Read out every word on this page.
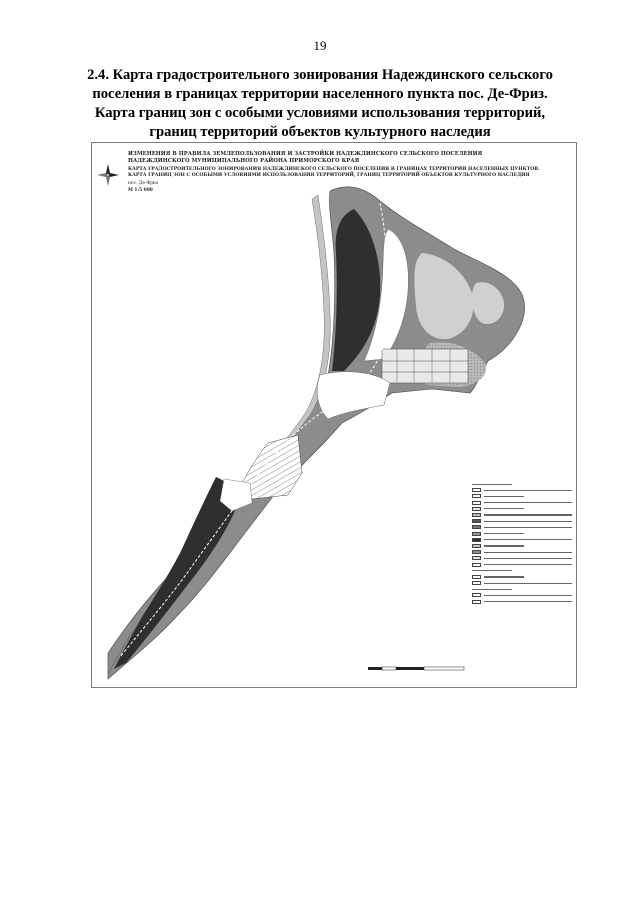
19
2.4. Карта градостроительного зонирования Надеждинского сельского
поселения в границах территории населенного пункта пос. Де-Фриз.
Карта границ зон с особыми условиями использования территорий,
границ территорий объектов культурного наследия
ИЗМЕНЕНИЯ В ПРАВИЛА ЗЕМЛЕПОЛЬЗОВАНИЯ И ЗАСТРОЙКИ НАДЕЖДИНСКОГО СЕЛЬСКОГО ПОСЕЛЕНИЯ
НАДЕЖДИНСКОГО МУНИЦИПАЛЬНОГО РАЙОНА ПРИМОРСКОГО КРАЯ
КАРТА ГРАДОСТРОИТЕЛЬНОГО ЗОНИРОВАНИЯ НАДЕЖДИНСКОГО СЕЛЬСКОГО ПОСЕЛЕНИЯ В ГРАНИЦАХ ТЕРРИТОРИИ НАСЕЛЕННЫХ ПУНКТОВ.
КАРТА ГРАНИЦ ЗОН С ОСОБЫМИ УСЛОВИЯМИ ИСПОЛЬЗОВАНИЯ ТЕРРИТОРИЙ, ГРАНИЦ ТЕРРИТОРИЙ ОБЪЕКТОВ КУЛЬТУРНОГО НАСЛЕДИЯ
пос. Де-Фриз
М 1:5 000
